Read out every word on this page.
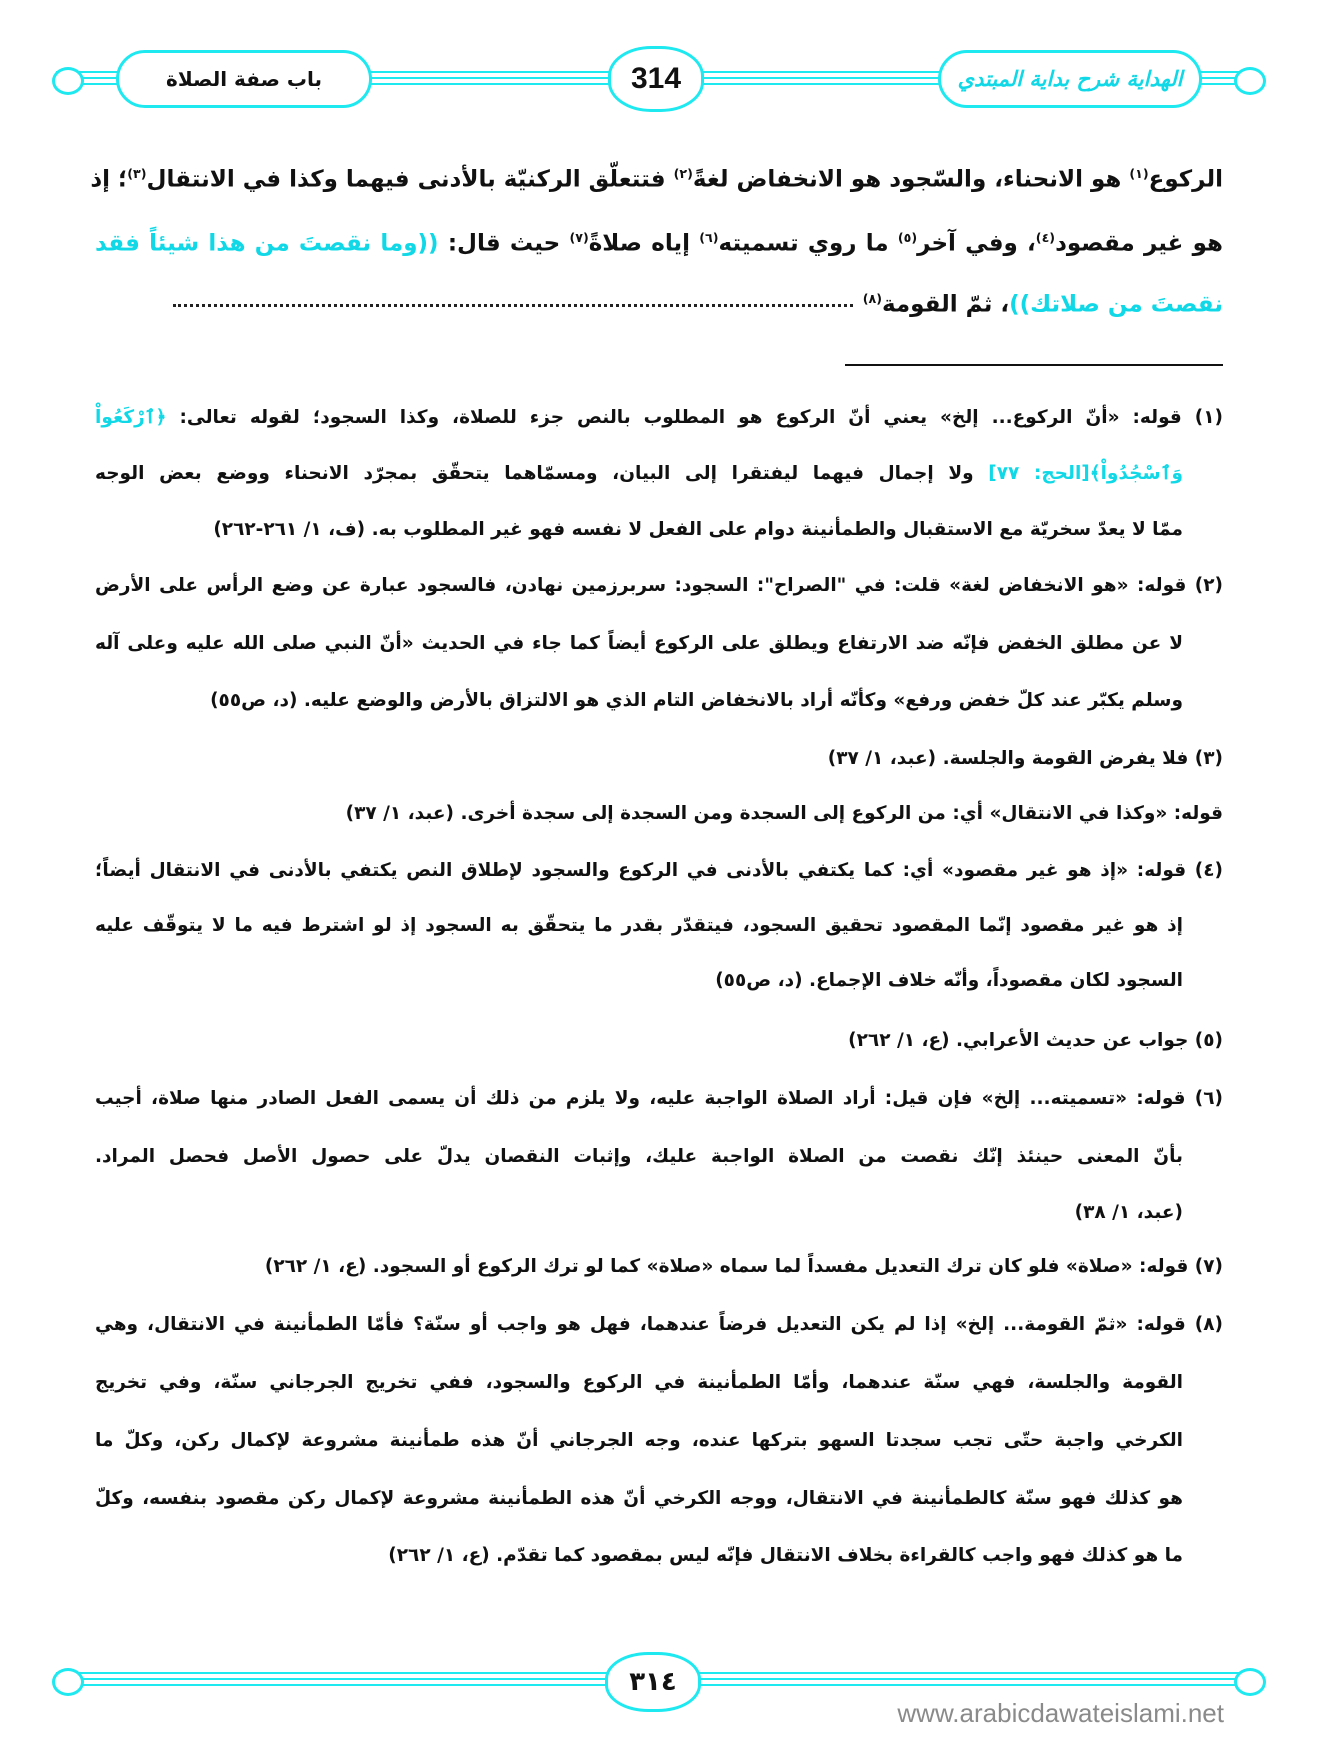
باب صفة الصلاة	314	الهداية شرح بداية المبتدي
الركوع$^{(١)}$ هو الانحناء، والسّجود هو الانخفاض لغةً$^{(٢)}$ فتتعلّق الركنيّة بالأدنى فيهما وكذا في الانتقال$^{(٣)}$؛ إذ
هو غير مقصود$^{(٤)}$، وفي آخر$^{(٥)}$ ما روي تسميته$^{(٦)}$ إياه صلاةً$^{(٧)}$ حيث قال: ((وما نقصتَ من هذا شيئاً فقد
نقصتَ من صلاتك))، ثمّ القومة$^{(٨)}$
(١) قوله: «أنّ الركوع... إلخ» يعني أنّ الركوع هو المطلوب بالنص جزء للصلاة، وكذا السجود؛ لقوله تعالى: ﴿ٱرْكَعُواْ
وَٱسْجُدُواْ﴾[الحج: ٧٧] ولا إجمال فيهما ليفتقرا إلى البيان، ومسمّاهما يتحقّق بمجرّد الانحناء ووضع بعض الوجه
ممّا لا يعدّ سخريّة مع الاستقبال والطمأنينة دوام على الفعل لا نفسه فهو غير المطلوب به. (ف، ١/ ٢٦١-٢٦٢)
(٢) قوله: «هو الانخفاض لغة» قلت: في "الصراح": السجود: سربرزمين نهادن، فالسجود عبارة عن وضع الرأس على الأرض
لا عن مطلق الخفض فإنّه ضد الارتفاع ويطلق على الركوع أيضاً كما جاء في الحديث «أنّ النبي صلى الله عليه وعلى آله
وسلم يكبّر عند كلّ خفض ورفع» وكأنّه أراد بالانخفاض التام الذي هو الالتزاق بالأرض والوضع عليه. (د، ص٥٥)
(٣) فلا يفرض القومة والجلسة. (عبد، ١/ ٣٧)
قوله: «وكذا في الانتقال» أي: من الركوع إلى السجدة ومن السجدة إلى سجدة أخرى. (عبد، ١/ ٣٧)
(٤) قوله: «إذ هو غير مقصود» أي: كما يكتفي بالأدنى في الركوع والسجود لإطلاق النص يكتفي بالأدنى في الانتقال أيضاً؛
إذ هو غير مقصود إنّما المقصود تحقيق السجود، فيتقدّر بقدر ما يتحقّق به السجود إذ لو اشترط فيه ما لا يتوقّف عليه
السجود لكان مقصوداً، وأنّه خلاف الإجماع. (د، ص٥٥)
(٥) جواب عن حديث الأعرابي. (ع، ١/ ٢٦٢)
(٦) قوله: «تسميته... إلخ» فإن قيل: أراد الصلاة الواجبة عليه، ولا يلزم من ذلك أن يسمى الفعل الصادر منها صلاة، أجيب
بأنّ المعنى حينئذ إنّك نقصت من الصلاة الواجبة عليك، وإثبات النقصان يدلّ على حصول الأصل فحصل المراد.
(عبد، ١/ ٣٨)
(٧) قوله: «صلاة» فلو كان ترك التعديل مفسداً لما سماه «صلاة» كما لو ترك الركوع أو السجود. (ع، ١/ ٢٦٢)
(٨) قوله: «ثمّ القومة... إلخ» إذا لم يكن التعديل فرضاً عندهما، فهل هو واجب أو سنّة؟ فأمّا الطمأنينة في الانتقال، وهي
القومة والجلسة، فهي سنّة عندهما، وأمّا الطمأنينة في الركوع والسجود، ففي تخريج الجرجاني سنّة، وفي تخريج
الكرخي واجبة حتّى تجب سجدتا السهو بتركها عنده، وجه الجرجاني أنّ هذه طمأنينة مشروعة لإكمال ركن، وكلّ ما
هو كذلك فهو سنّة كالطمأنينة في الانتقال، ووجه الكرخي أنّ هذه الطمأنينة مشروعة لإكمال ركن مقصود بنفسه، وكلّ
ما هو كذلك فهو واجب كالقراءة بخلاف الانتقال فإنّه ليس بمقصود كما تقدّم. (ع، ١/ ٢٦٢)
٣١٤
www.arabicdawateislami.net
